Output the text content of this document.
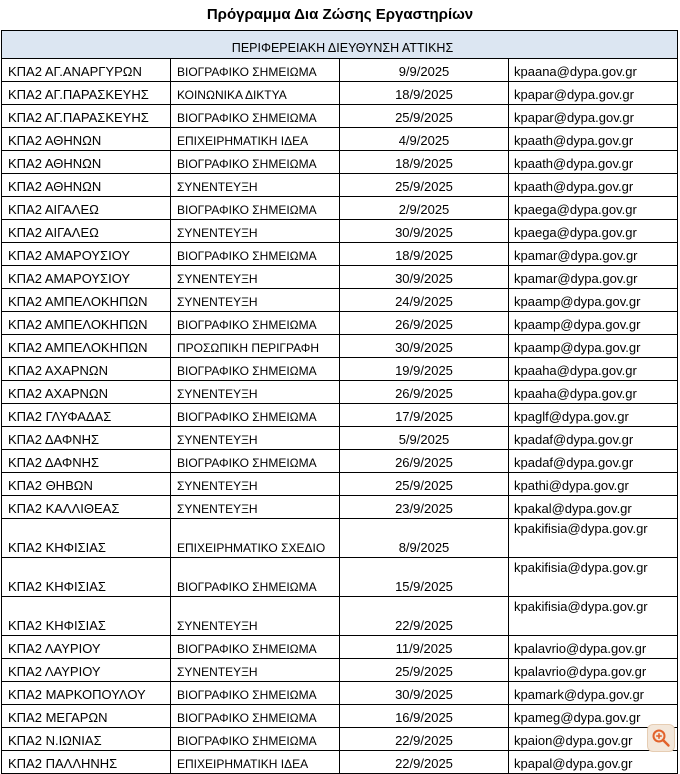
Πρόγραμμα Δια Ζώσης Εργαστηρίων
ΠΕΡΙΦΕΡΕΙΑΚΗ ΔΙΕΥΘΥΝΣΗ ΑΤΤΙΚΗΣ			
ΚΠΑ2 ΑΓ.ΑΝΑΡΓΥΡΩΝ	ΒΙΟΓΡΑΦΙΚΟ ΣΗΜΕΙΩΜΑ	9/9/2025	kpaana@dypa.gov.gr
ΚΠΑ2 ΑΓ.ΠΑΡΑΣΚΕΥΗΣ	ΚΟΙΝΩΝΙΚΑ ΔΙΚΤΥΑ	18/9/2025	kpapar@dypa.gov.gr
ΚΠΑ2 ΑΓ.ΠΑΡΑΣΚΕΥΗΣ	ΒΙΟΓΡΑΦΙΚΟ ΣΗΜΕΙΩΜΑ	25/9/2025	kpapar@dypa.gov.gr
ΚΠΑ2 ΑΘΗΝΩΝ	ΕΠΙΧΕΙΡΗΜΑΤΙΚΗ ΙΔΕΑ	4/9/2025	kpaath@dypa.gov.gr
ΚΠΑ2 ΑΘΗΝΩΝ	ΒΙΟΓΡΑΦΙΚΟ ΣΗΜΕΙΩΜΑ	18/9/2025	kpaath@dypa.gov.gr
ΚΠΑ2 ΑΘΗΝΩΝ	ΣΥΝΕΝΤΕΥΞΗ	25/9/2025	kpaath@dypa.gov.gr
ΚΠΑ2 ΑΙΓΑΛΕΩ	ΒΙΟΓΡΑΦΙΚΟ ΣΗΜΕΙΩΜΑ	2/9/2025	kpaega@dypa.gov.gr
ΚΠΑ2 ΑΙΓΑΛΕΩ	ΣΥΝΕΝΤΕΥΞΗ	30/9/2025	kpaega@dypa.gov.gr
ΚΠΑ2 ΑΜΑΡΟΥΣΙΟΥ	ΒΙΟΓΡΑΦΙΚΟ ΣΗΜΕΙΩΜΑ	18/9/2025	kpamar@dypa.gov.gr
ΚΠΑ2 ΑΜΑΡΟΥΣΙΟΥ	ΣΥΝΕΝΤΕΥΞΗ	30/9/2025	kpamar@dypa.gov.gr
ΚΠΑ2 ΑΜΠΕΛΟΚΗΠΩΝ	ΣΥΝΕΝΤΕΥΞΗ	24/9/2025	kpaamp@dypa.gov.gr
ΚΠΑ2 ΑΜΠΕΛΟΚΗΠΩΝ	ΒΙΟΓΡΑΦΙΚΟ ΣΗΜΕΙΩΜΑ	26/9/2025	kpaamp@dypa.gov.gr
ΚΠΑ2 ΑΜΠΕΛΟΚΗΠΩΝ	ΠΡΟΣΩΠΙΚΗ ΠΕΡΙΓΡΑΦΗ	30/9/2025	kpaamp@dypa.gov.gr
ΚΠΑ2 ΑΧΑΡΝΩΝ	ΒΙΟΓΡΑΦΙΚΟ ΣΗΜΕΙΩΜΑ	19/9/2025	kpaaha@dypa.gov.gr
ΚΠΑ2 ΑΧΑΡΝΩΝ	ΣΥΝΕΝΤΕΥΞΗ	26/9/2025	kpaaha@dypa.gov.gr
ΚΠΑ2 ΓΛΥΦΑΔΑΣ	ΒΙΟΓΡΑΦΙΚΟ ΣΗΜΕΙΩΜΑ	17/9/2025	kpaglf@dypa.gov.gr
ΚΠΑ2 ΔΑΦΝΗΣ	ΣΥΝΕΝΤΕΥΞΗ	5/9/2025	kpadaf@dypa.gov.gr
ΚΠΑ2 ΔΑΦΝΗΣ	ΒΙΟΓΡΑΦΙΚΟ ΣΗΜΕΙΩΜΑ	26/9/2025	kpadaf@dypa.gov.gr
ΚΠΑ2 ΘΗΒΩΝ	ΣΥΝΕΝΤΕΥΞΗ	25/9/2025	kpathi@dypa.gov.gr
ΚΠΑ2 ΚΑΛΛΙΘΕΑΣ	ΣΥΝΕΝΤΕΥΞΗ	23/9/2025	kpakal@dypa.gov.gr
ΚΠΑ2 ΚΗΦΙΣΙΑΣ	ΕΠΙΧΕΙΡΗΜΑΤΙΚΟ ΣΧΕΔΙΟ	8/9/2025	kpakifisia@dypa.gov.gr
ΚΠΑ2 ΚΗΦΙΣΙΑΣ	ΒΙΟΓΡΑΦΙΚΟ ΣΗΜΕΙΩΜΑ	15/9/2025	kpakifisia@dypa.gov.gr
ΚΠΑ2 ΚΗΦΙΣΙΑΣ	ΣΥΝΕΝΤΕΥΞΗ	22/9/2025	kpakifisia@dypa.gov.gr
ΚΠΑ2 ΛΑΥΡΙΟΥ	ΒΙΟΓΡΑΦΙΚΟ ΣΗΜΕΙΩΜΑ	11/9/2025	kpalavrio@dypa.gov.gr
ΚΠΑ2 ΛΑΥΡΙΟΥ	ΣΥΝΕΝΤΕΥΞΗ	25/9/2025	kpalavrio@dypa.gov.gr
ΚΠΑ2 ΜΑΡΚΟΠΟΥΛΟΥ	ΒΙΟΓΡΑΦΙΚΟ ΣΗΜΕΙΩΜΑ	30/9/2025	kpamark@dypa.gov.gr
ΚΠΑ2 ΜΕΓΑΡΩΝ	ΒΙΟΓΡΑΦΙΚΟ ΣΗΜΕΙΩΜΑ	16/9/2025	kpameg@dypa.gov.gr
ΚΠΑ2 Ν.ΙΩΝΙΑΣ	ΒΙΟΓΡΑΦΙΚΟ ΣΗΜΕΙΩΜΑ	22/9/2025	kpaion@dypa.gov.gr
ΚΠΑ2 ΠΑΛΛΗΝΗΣ	ΕΠΙΧΕΙΡΗΜΑΤΙΚΗ ΙΔΕΑ	22/9/2025	kpapal@dypa.gov.gr
